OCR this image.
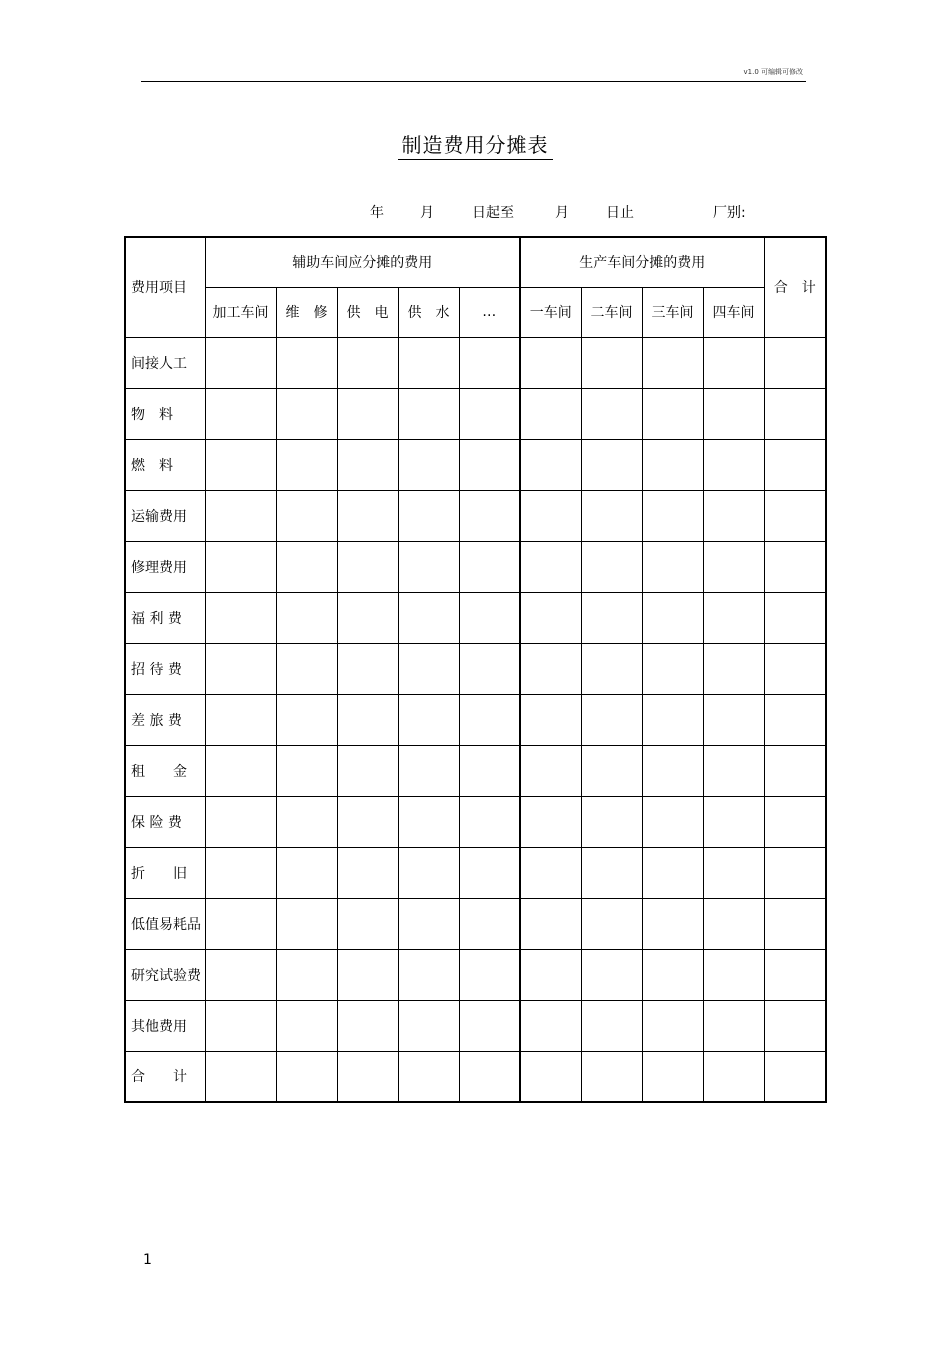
v1.0 可编辑可修改
制造费用分摊表
年	月	日起至	月	日止	厂别:
费用项目	辅助车间应分摊的费用					生产车间分摊的费用				合　计
	加工车间	维　修	供　电	供　水	…	一车间	二车间	三车间	四车间	
间接人工										
物　料										
燃　料										
运输费用										
修理费用										
福 利 费										
招 待 费										
差 旅 费										
租　　金										
保 险 费										
折　　旧										
低值易耗品										
研究试验费										
其他费用										
合　　计										
1
